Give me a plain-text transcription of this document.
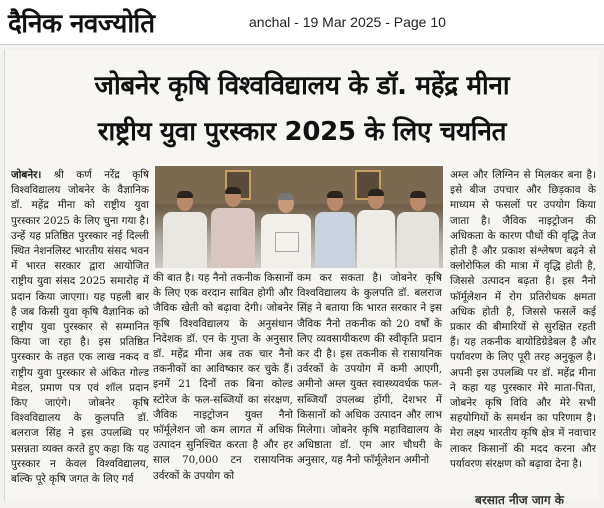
दैनिक नवज्योति	anchal - 19 Mar 2025 - Page 10
जोबनेर कृषि विश्वविद्यालय के डॉ. महेंद्र मीना
राष्ट्रीय युवा पुरस्कार 2025 के लिए चयनित
जोबनेर। श्री कर्ण नरेंद्र कृषि विश्वविद्यालय जोबनेर के वैज्ञानिक डॉ. महेंद्र मीना को राष्ट्रीय युवा पुरस्कार 2025 के लिए चुना गया है। उन्हें यह प्रतिष्ठित पुरस्कार नई दिल्ली स्थित नेशनलिस्ट भारतीय संसद भवन में भारत सरकार द्वारा आयोजित राष्ट्रीय युवा संसद 2025 समारोह में प्रदान किया जाएगा। यह पहली बार है जब किसी युवा कृषि वैज्ञानिक को राष्ट्रीय युवा पुरस्कार से सम्मानित किया जा रहा है। इस प्रतिष्ठित पुरस्कार के तहत एक लाख नकद व राष्ट्रीय युवा पुरस्कार से अंकित गोल्ड मेडल, प्रमाण पत्र एवं शॉल प्रदान किए जाएंगे। जोबनेर कृषि विश्वविद्यालय के कुलपति डॉ. बलराज सिंह ने इस उपलब्धि पर प्रसन्नता व्यक्त करते हुए कहा कि यह पुरस्कार न केवल विश्वविद्यालय, बल्कि पूरे कृषि जगत के लिए गर्व
की बात है। यह नैनो तकनीक किसानों के लिए एक वरदान साबित होगी और जैविक खेती को बढ़ावा देगी। जोबनेर कृषि विश्वविद्यालय के अनुसंधान निदेशक डॉ. एन के गुप्ता के अनुसार डॉ. महेंद्र मीना अब तक चार नैनो तकनीकों का आविष्कार कर चुके हैं। इनमें 21 दिनों तक बिना कोल्ड स्टोरेज के फल-सब्जियों का संरक्षण, जैविक नाइट्रोजन युक्त नैनो फॉर्मूलेशन जो कम लागत में अधिक उत्पादन सुनिश्चित करता है और हर साल 70,000 टन रासायनिक उर्वरकों के उपयोग को
कम कर सकता है। जोबनेर कृषि विश्वविद्यालय के कुलपति डॉ. बलराज सिंह ने बताया कि भारत सरकार ने इस जैविक नैनो तकनीक को 20 वर्षों के लिए व्यवसायीकरण की स्वीकृति प्रदान कर दी है। इस तकनीक से रासायनिक उर्वरकों के उपयोग में कमी आएगी, अमीनो अम्ल युक्त स्वास्थ्यवर्धक फल-सब्जियाँ उपलब्ध होंगी, देशभर में किसानों को अधिक उत्पादन और लाभ मिलेगा। जोबनेर कृषि महाविद्यालय के अधिष्ठाता डॉ. एम आर चौधरी के अनुसार, यह नैनो फॉर्मूलेशन अमीनो
अम्ल और लिग्निन से मिलकर बना है। इसे बीज उपचार और छिड़काव के माध्यम से फसलों पर उपयोग किया जाता है। जैविक नाइट्रोजन की अधिकता के कारण पौधों की वृद्धि तेज होती है और प्रकाश संश्लेषण बढ़ने से क्लोरोफिल की मात्रा में वृद्धि होती है, जिससे उत्पादन बढ़ता है। इस नैनो फॉर्मूलेशन में रोग प्रतिरोधक क्षमता अधिक होती है, जिससे फसलें कई प्रकार की बीमारियों से सुरक्षित रहती हैं। यह तकनीक बायोडिग्रेडेबल है और पर्यावरण के लिए पूरी तरह अनुकूल है। अपनी इस उपलब्धि पर डॉ. महेंद्र मीना ने कहा यह पुरस्कार मेरे माता-पिता, जोबनेर कृषि विवि और मेरे सभी सहयोगियों के समर्थन का परिणाम है। मेरा लक्ष्य भारतीय कृषि क्षेत्र में नवाचार लाकर किसानों की मदद करना और पर्यावरण संरक्षण को बढ़ावा देना है।
बरसात नीज जाग के
